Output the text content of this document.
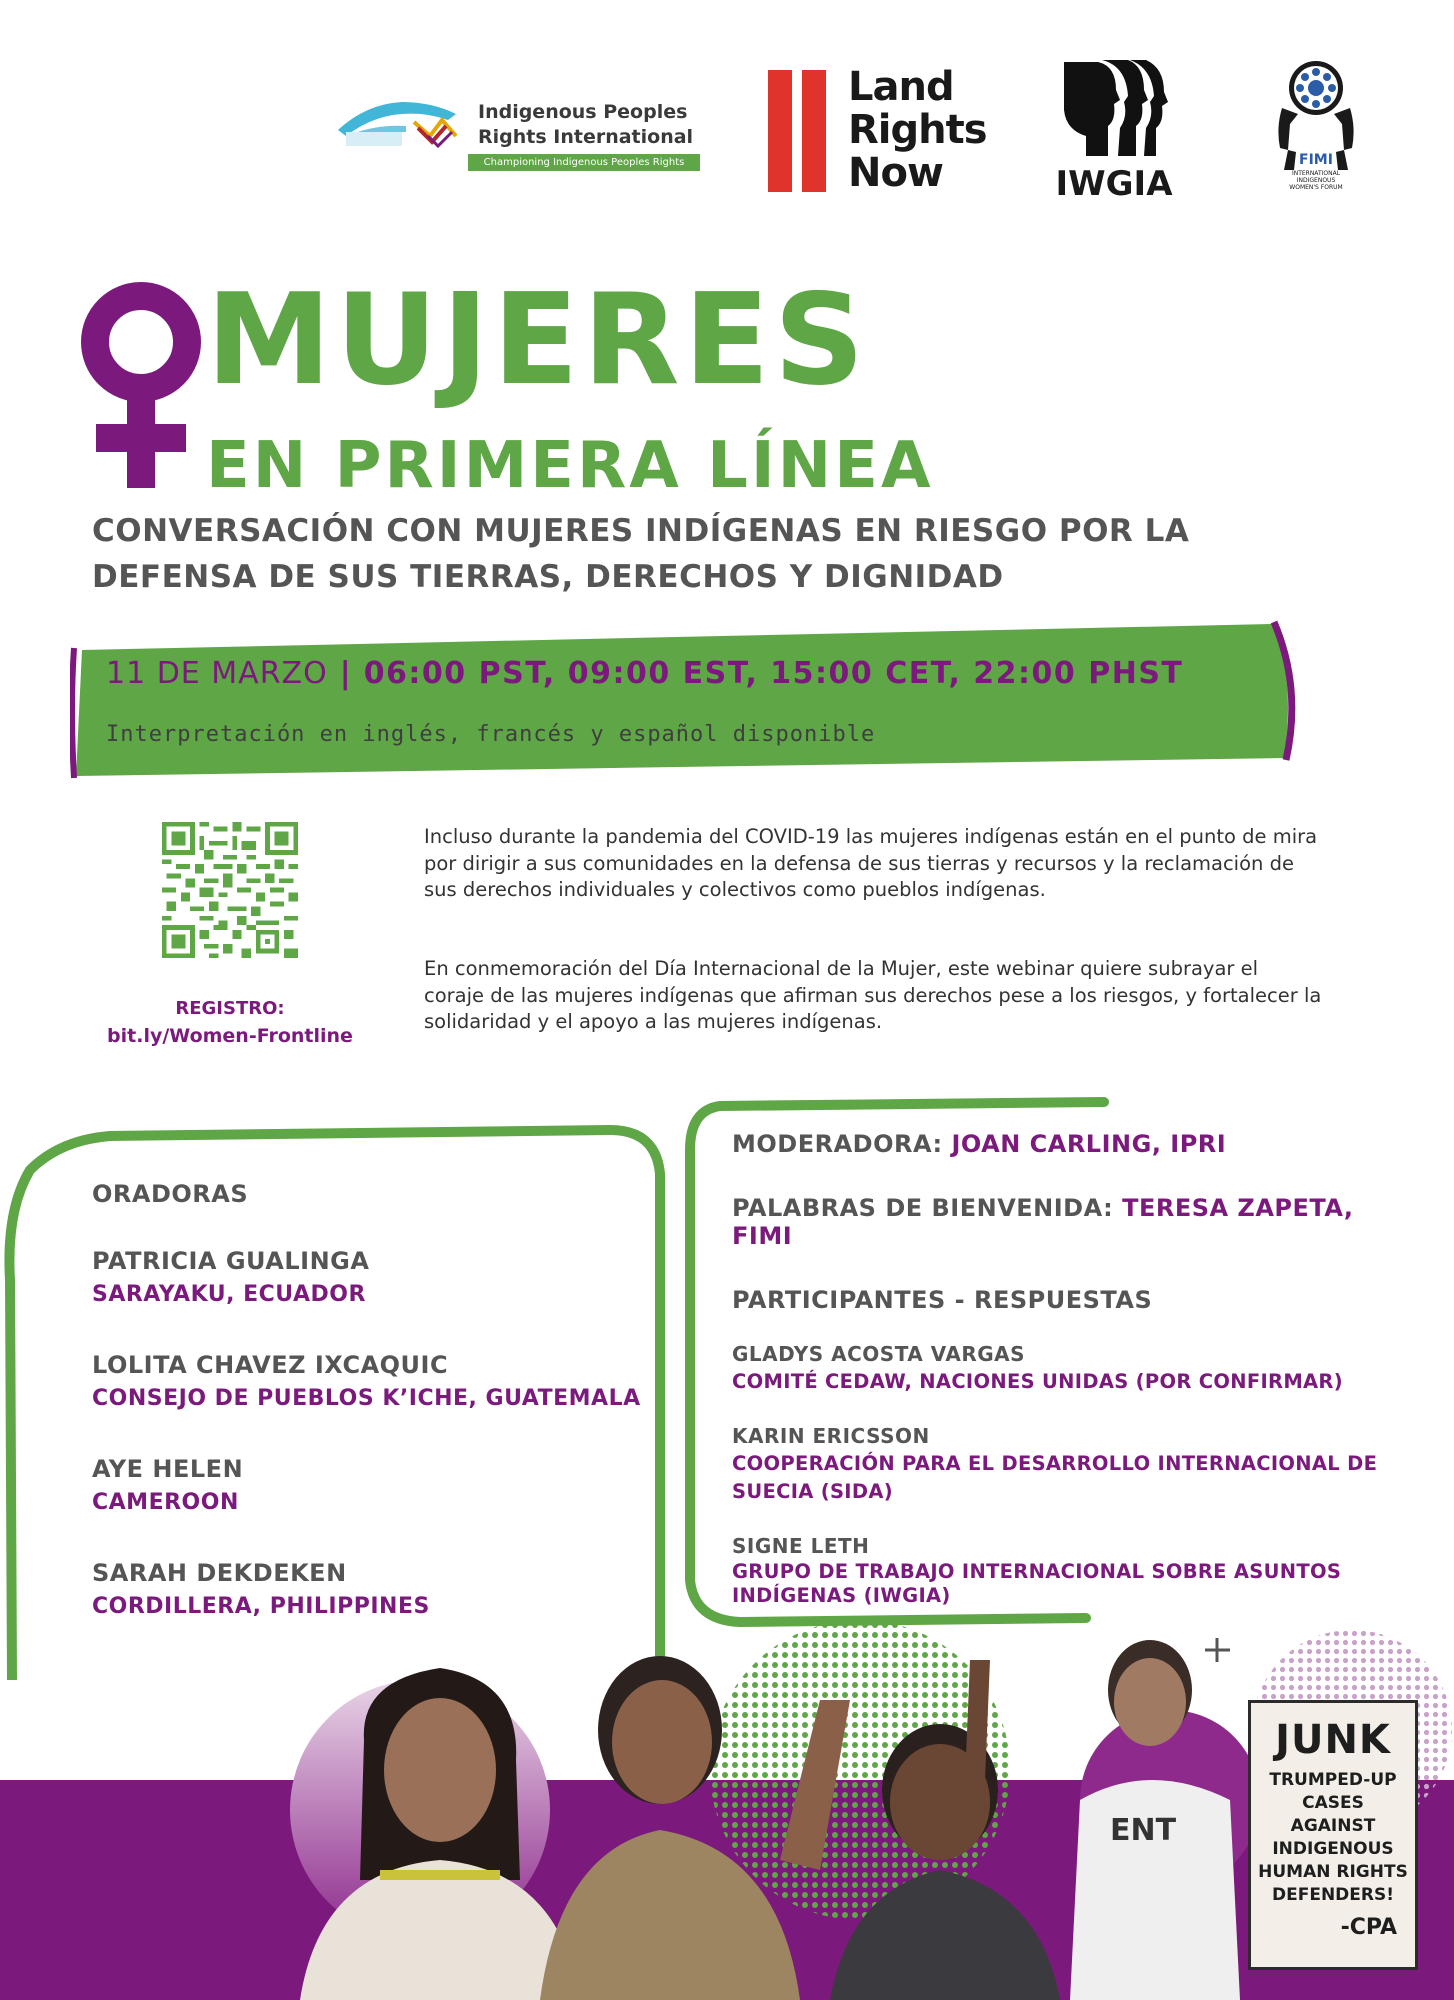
Indigenous Peoples
Rights International
Championing Indigenous Peoples Rights
Land
Rights
Now	IWGIA
FIMI
INTERNATIONAL
INDIGENOUS
WOMEN'S FORUM
MUJERES
EN PRIMERA LÍNEA
CONVERSACIÓN CON MUJERES INDÍGENAS EN RIESGO POR LA
DEFENSA DE SUS TIERRAS, DERECHOS Y DIGNIDAD
11 DE MARZO | 06:00 PST, 09:00 EST, 15:00 CET, 22:00 PHST
Interpretación en inglés, francés y español disponible
REGISTRO:
bit.ly/Women-Frontline
Incluso durante la pandemia del COVID-19 las mujeres indígenas están en el punto de mira por dirigir a sus comunidades en la defensa de sus tierras y recursos y la reclamación de sus derechos individuales y colectivos como pueblos indígenas.
En conmemoración del Día Internacional de la Mujer, este webinar quiere subrayar el coraje de las mujeres indígenas que afirman sus derechos pese a los riesgos, y fortalecer la solidaridad y el apoyo a las mujeres indígenas.
ORADORAS
PATRICIA GUALINGA
SARAYAKU, ECUADOR
LOLITA CHAVEZ IXCAQUIC
CONSEJO DE PUEBLOS K’ICHE, GUATEMALA
AYE HELEN
CAMEROON
SARAH DEKDEKEN
CORDILLERA, PHILIPPINES
MODERADORA: JOAN CARLING, IPRI
PALABRAS DE BIENVENIDA: TERESA ZAPETA, FIMI
PARTICIPANTES - RESPUESTAS
GLADYS ACOSTA VARGAS
COMITÉ CEDAW, NACIONES UNIDAS (POR CONFIRMAR)
KARIN ERICSSON
COOPERACIÓN PARA EL DESARROLLO INTERNACIONAL DE
SUECIA (SIDA)
SIGNE LETH
GRUPO DE TRABAJO INTERNACIONAL SOBRE ASUNTOS
INDÍGENAS (IWGIA)
ENT
JUNK
TRUMPED-UP
CASES AGAINST
INDIGENOUS
HUMAN RIGHTS
DEFENDERS!
-CPA
